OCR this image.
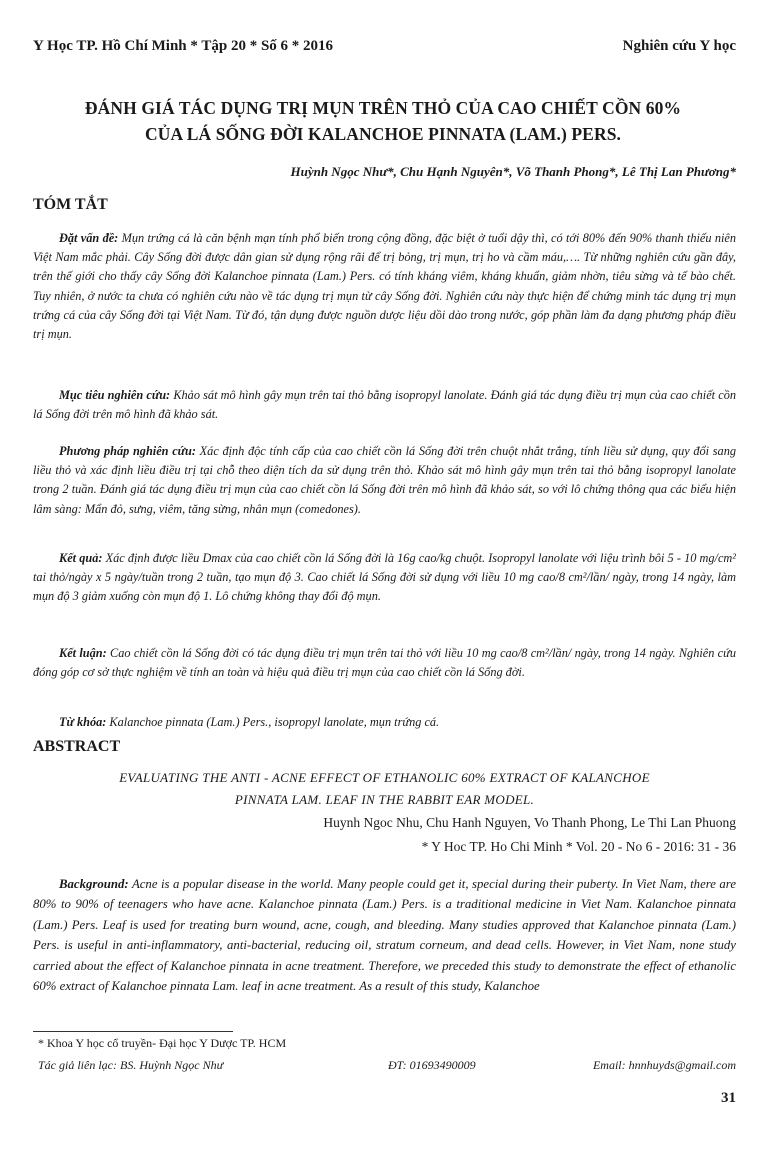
Y Học TP. Hồ Chí Minh * Tập 20 * Số 6 * 2016	Nghiên cứu Y học
ĐÁNH GIÁ TÁC DỤNG TRỊ MỤN TRÊN THỎ CỦA CAO CHIẾT CỒN 60%
CỦA LÁ SỐNG ĐỜI KALANCHOE PINNATA (LAM.) PERS.
Huỳnh Ngọc Như*, Chu Hạnh Nguyên*, Võ Thanh Phong*, Lê Thị Lan Phương*
TÓM TẮT

Đặt vấn đề: Mụn trứng cá là căn bệnh mạn tính phổ biến trong cộng đồng, đặc biệt ở tuổi dậy thì, có tới 80% đến 90% thanh thiếu niên Việt Nam mắc phải. Cây Sống đời được dân gian sử dụng rộng rãi để trị bỏng, trị mụn, trị ho và cầm máu,…. Từ những nghiên cứu gần đây, trên thế giới cho thấy cây Sống đời Kalanchoe pinnata (Lam.) Pers. có tính kháng viêm, kháng khuẩn, giảm nhờn, tiêu sừng và tế bào chết. Tuy nhiên, ở nước ta chưa có nghiên cứu nào về tác dụng trị mụn từ cây Sống đời. Nghiên cứu này thực hiện để chứng minh tác dụng trị mụn trứng cá của cây Sống đời tại Việt Nam. Từ đó, tận dụng được nguồn dược liệu dồi dào trong nước, góp phần làm đa dạng phương pháp điều trị mụn.

Mục tiêu nghiên cứu: Khảo sát mô hình gây mụn trên tai thỏ bằng isopropyl lanolate. Đánh giá tác dụng điều trị mụn của cao chiết cồn lá Sống đời trên mô hình đã khảo sát.

Phương pháp nghiên cứu: Xác định độc tính cấp của cao chiết cồn lá Sống đời trên chuột nhắt trắng, tính liều sử dụng, quy đổi sang liều thỏ và xác định liều điều trị tại chỗ theo diện tích da sử dụng trên thỏ. Khảo sát mô hình gây mụn trên tai thỏ bằng isopropyl lanolate trong 2 tuần. Đánh giá tác dụng điều trị mụn của cao chiết cồn lá Sống đời trên mô hình đã khảo sát, so với lô chứng thông qua các biểu hiện lâm sàng: Mẩn đỏ, sưng, viêm, tăng sừng, nhân mụn (comedones).

Kết quả: Xác định được liều Dmax của cao chiết cồn lá Sống đời là 16g cao/kg chuột. Isopropyl lanolate với liệu trình bôi 5 - 10 mg/cm² tai thỏ/ngày x 5 ngày/tuần trong 2 tuần, tạo mụn độ 3. Cao chiết lá Sống đời sử dụng với liều 10 mg cao/8 cm²/lần/ ngày, trong 14 ngày, làm mụn độ 3 giảm xuống còn mụn độ 1. Lô chứng không thay đổi độ mụn.

Kết luận: Cao chiết cồn lá Sống đời có tác dụng điều trị mụn trên tai thỏ với liều 10 mg cao/8 cm²/lần/ ngày, trong 14 ngày. Nghiên cứu đóng góp cơ sở thực nghiệm về tính an toàn và hiệu quả điều trị mụn của cao chiết cồn lá Sống đời.

Từ khóa: Kalanchoe pinnata (Lam.) Pers., isopropyl lanolate, mụn trứng cá.

ABSTRACT
EVALUATING THE ANTI - ACNE EFFECT OF ETHANOLIC 60% EXTRACT OF KALANCHOE
PINNATA LAM. LEAF IN THE RABBIT EAR MODEL.
Huynh Ngoc Nhu, Chu Hanh Nguyen, Vo Thanh Phong, Le Thi Lan Phuong
* Y Hoc TP. Ho Chi Minh * Vol. 20 - No 6 - 2016: 31 - 36

Background: Acne is a popular disease in the world. Many people could get it, special during their puberty. In Viet Nam, there are 80% to 90% of teenagers who have acne. Kalanchoe pinnata (Lam.) Pers. is a traditional medicine in Viet Nam. Kalanchoe pinnata (Lam.) Pers. Leaf is used for treating burn wound, acne, cough, and bleeding. Many studies approved that Kalanchoe pinnata (Lam.) Pers. is useful in anti-inflammatory, anti-bacterial, reducing oil, stratum corneum, and dead cells. However, in Viet Nam, none study carried about the effect of Kalanchoe pinnata in acne treatment. Therefore, we preceded this study to demonstrate the effect of ethanolic 60% extract of Kalanchoe pinnata Lam. leaf in acne treatment. As a result of this study, Kalanchoe

* Khoa Y học cổ truyền- Đại học Y Dược TP. HCM
Tác giả liên lạc: BS. Huỳnh Ngọc Như	ĐT: 01693490009	Email: hnnhuyds@gmail.com
31
